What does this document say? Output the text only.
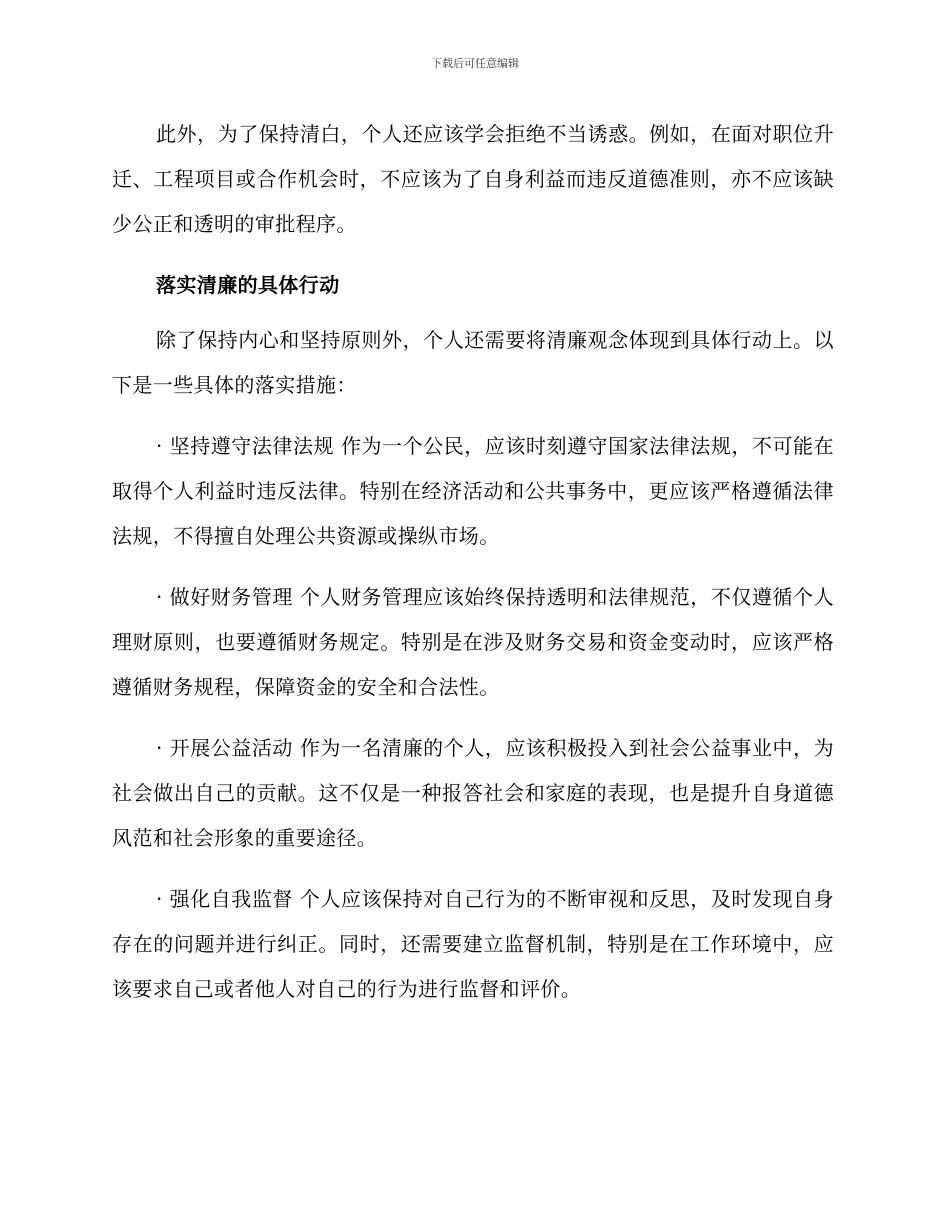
下载后可任意编辑

此外，为了保持清白，个人还应该学会拒绝不当诱惑。例如，在面对职位升迁、工程项目或合作机会时，不应该为了自身利益而违反道德准则，亦不应该缺少公正和透明的审批程序。

落实清廉的具体行动

除了保持内心和坚持原则外，个人还需要将清廉观念体现到具体行动上。以下是一些具体的落实措施：

· 坚持遵守法律法规 作为一个公民，应该时刻遵守国家法律法规，不可能在取得个人利益时违反法律。特别在经济活动和公共事务中，更应该严格遵循法律法规，不得擅自处理公共资源或操纵市场。

· 做好财务管理 个人财务管理应该始终保持透明和法律规范，不仅遵循个人理财原则，也要遵循财务规定。特别是在涉及财务交易和资金变动时，应该严格遵循财务规程，保障资金的安全和合法性。

· 开展公益活动 作为一名清廉的个人，应该积极投入到社会公益事业中，为社会做出自己的贡献。这不仅是一种报答社会和家庭的表现，也是提升自身道德风范和社会形象的重要途径。

· 强化自我监督 个人应该保持对自己行为的不断审视和反思，及时发现自身存在的问题并进行纠正。同时，还需要建立监督机制，特别是在工作环境中，应该要求自己或者他人对自己的行为进行监督和评价。
